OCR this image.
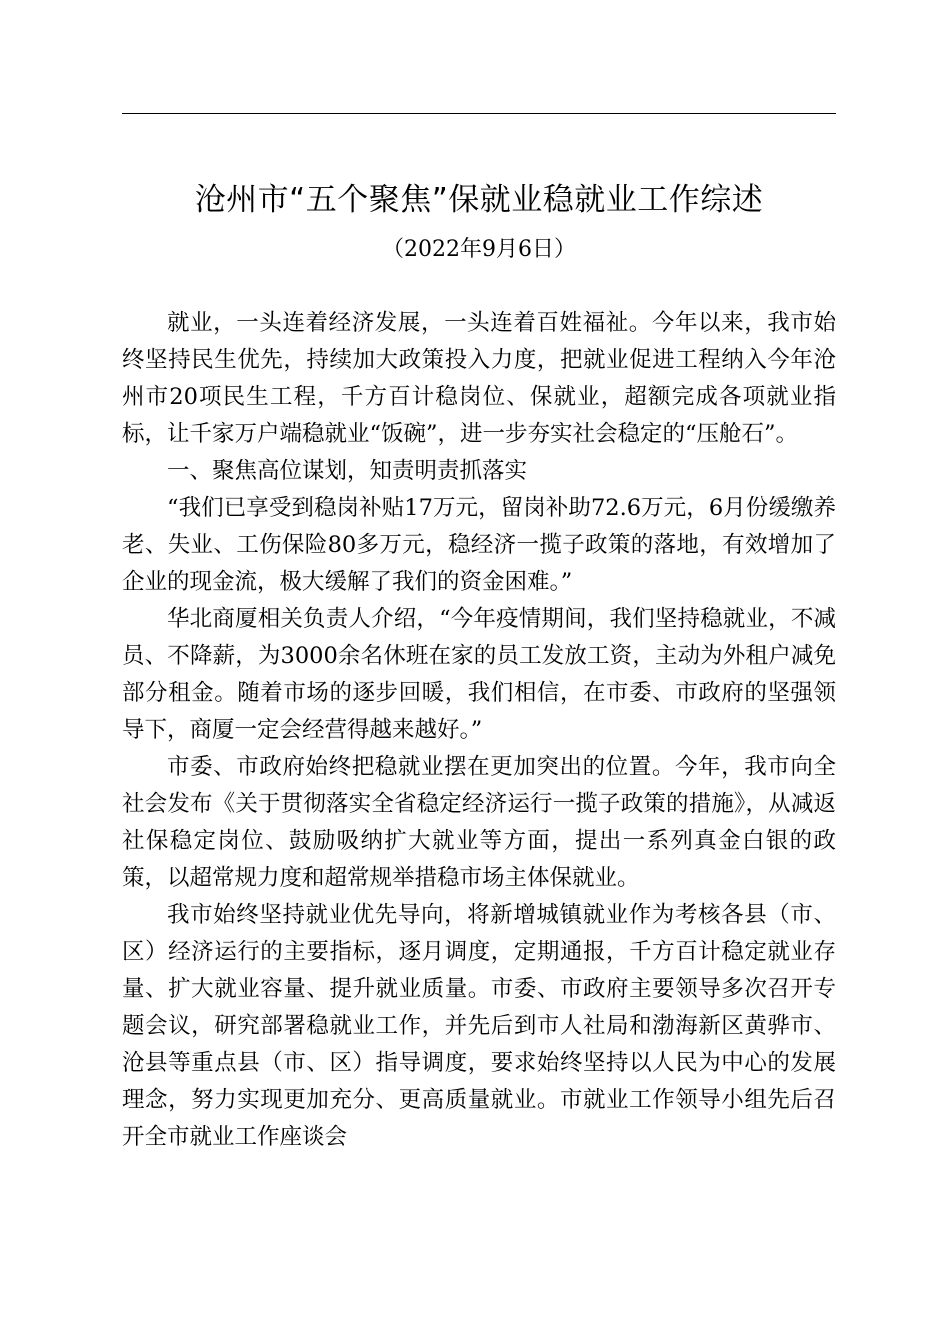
沧州市“五个聚焦”保就业稳就业工作综述
（2022年9月6日）

就业，一头连着经济发展，一头连着百姓福祉。今年以来，我市始终坚持民生优先，持续加大政策投入力度，把就业促进工程纳入今年沧州市20项民生工程，千方百计稳岗位、保就业，超额完成各项就业指标，让千家万户端稳就业“饭碗”，进一步夯实社会稳定的“压舱石”。

一、聚焦高位谋划，知责明责抓落实

“我们已享受到稳岗补贴17万元，留岗补助72.6万元，6月份缓缴养老、失业、工伤保险80多万元，稳经济一揽子政策的落地，有效增加了企业的现金流，极大缓解了我们的资金困难。”

华北商厦相关负责人介绍，“今年疫情期间，我们坚持稳就业，不减员、不降薪，为3000余名休班在家的员工发放工资，主动为外租户减免部分租金。随着市场的逐步回暖，我们相信，在市委、市政府的坚强领导下，商厦一定会经营得越来越好。”

市委、市政府始终把稳就业摆在更加突出的位置。今年，我市向全社会发布《关于贯彻落实全省稳定经济运行一揽子政策的措施》，从减返社保稳定岗位、鼓励吸纳扩大就业等方面，提出一系列真金白银的政策，以超常规力度和超常规举措稳市场主体保就业。

我市始终坚持就业优先导向，将新增城镇就业作为考核各县（市、区）经济运行的主要指标，逐月调度，定期通报，千方百计稳定就业存量、扩大就业容量、提升就业质量。市委、市政府主要领导多次召开专题会议，研究部署稳就业工作，并先后到市人社局和渤海新区黄骅市、沧县等重点县（市、区）指导调度，要求始终坚持以人民为中心的发展理念，努力实现更加充分、更高质量就业。市就业工作领导小组先后召开全市就业工作座谈会
